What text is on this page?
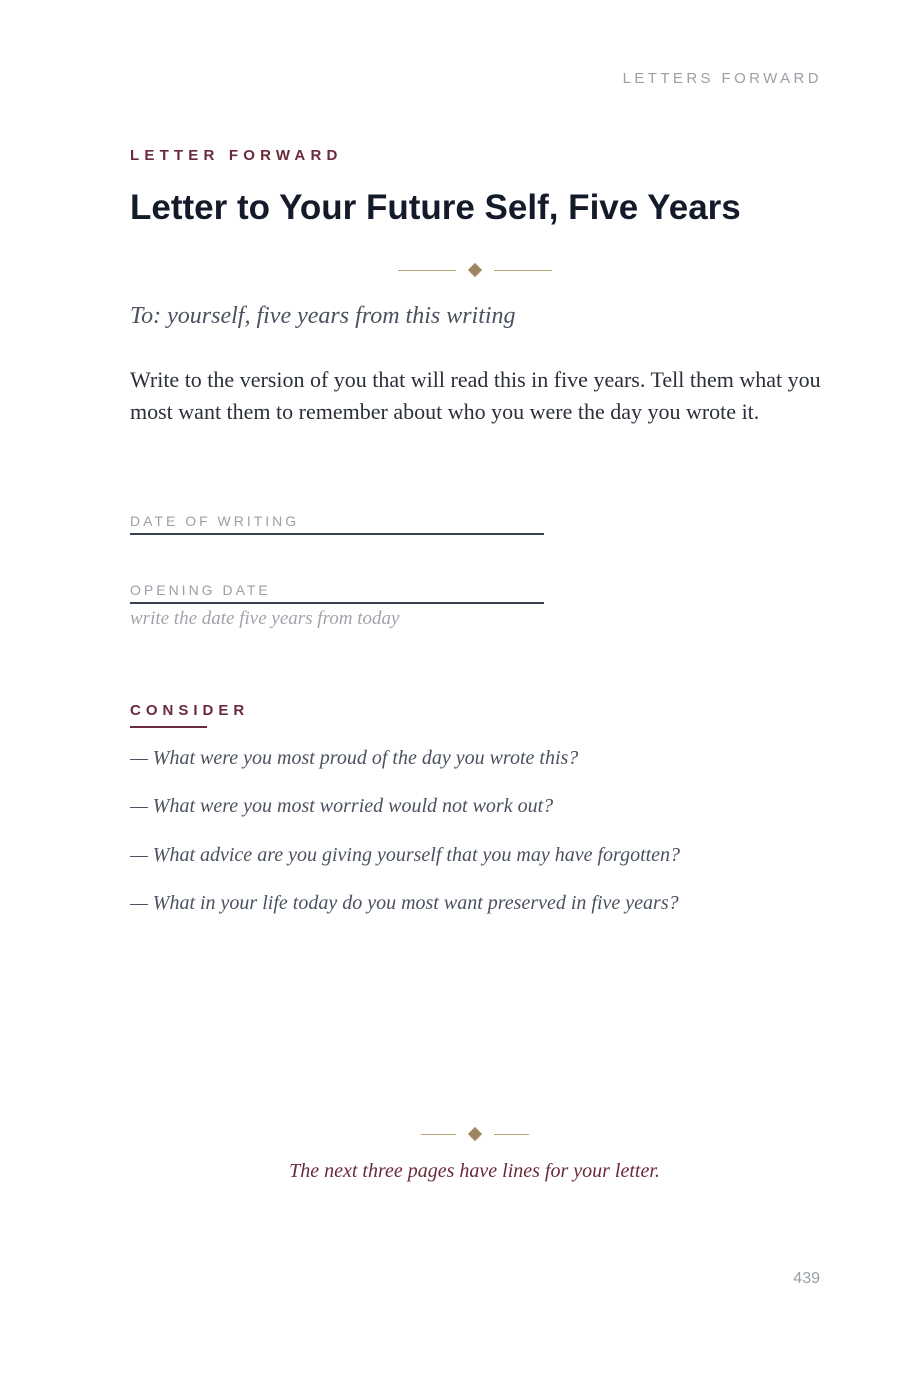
LETTERS FORWARD
LETTER FORWARD
Letter to Your Future Self, Five Years
To: yourself, five years from this writing
Write to the version of you that will read this in five years. Tell them what you most want them to remember about who you were the day you wrote it.
DATE OF WRITING
OPENING DATE
write the date five years from today
CONSIDER
— What were you most proud of the day you wrote this?
— What were you most worried would not work out?
— What advice are you giving yourself that you may have forgotten?
— What in your life today do you most want preserved in five years?
The next three pages have lines for your letter.
439
